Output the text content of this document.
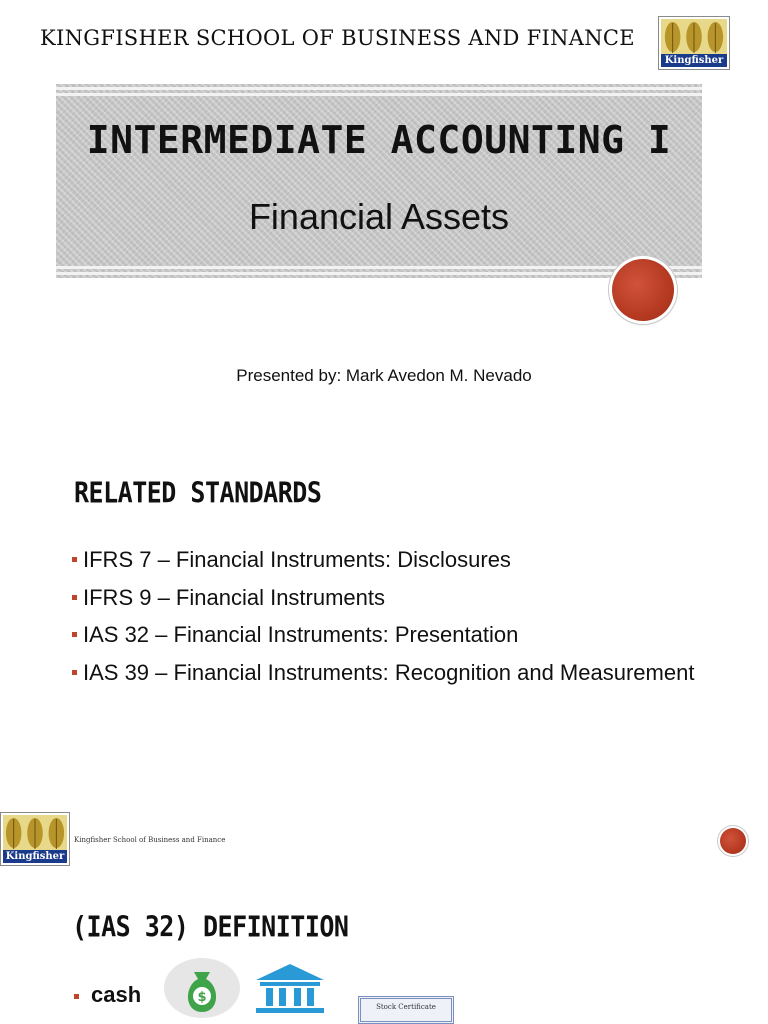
KINGFISHER SCHOOL OF BUSINESS AND FINANCE
Kingfisher
INTERMEDIATE ACCOUNTING I
Financial Assets
Presented by: Mark Avedon M. Nevado
RELATED STANDARDS
IFRS 7 – Financial Instruments: Disclosures
IFRS 9 – Financial Instruments
IAS 32 – Financial Instruments: Presentation
IAS 39 – Financial Instruments: Recognition and Measurement
Kingfisher
Kingfisher School of Business and Finance
(IAS 32) DEFINITION
cash	$
Stock Certificate
